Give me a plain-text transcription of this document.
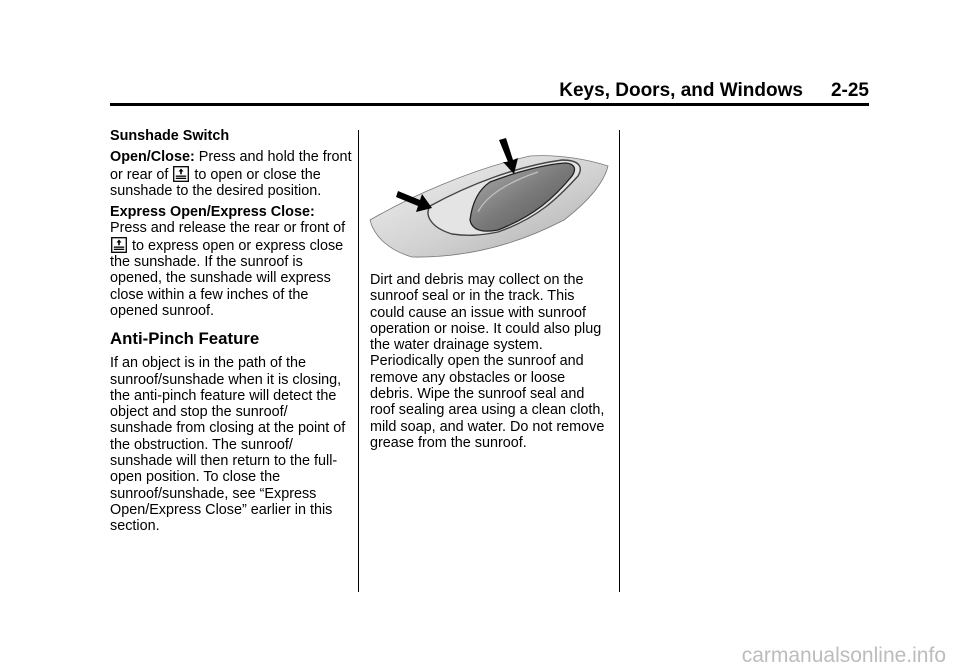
Keys, Doors, and Windows 2-25

Sunshade Switch

Open/Close: Press and hold the front or rear of to open or close the sunshade to the desired position.

Express Open/Express Close: Press and release the rear or front of  to express open or express close the sunshade. If the sunroof is opened, the sunshade will express close within a few inches of the opened sunroof.

Anti-Pinch Feature

If an object is in the path of the sunroof/sunshade when it is closing, the anti-pinch feature will detect the object and stop the sunroof/ sunshade from closing at the point of the obstruction. The sunroof/ sunshade will then return to the full-open position. To close the sunroof/sunshade, see “Express Open/Express Close” earlier in this section.

Dirt and debris may collect on the sunroof seal or in the track. This could cause an issue with sunroof operation or noise. It could also plug the water drainage system. Periodically open the sunroof and remove any obstacles or loose debris. Wipe the sunroof seal and roof sealing area using a clean cloth, mild soap, and water. Do not remove grease from the sunroof.

carmanualsonline.info
